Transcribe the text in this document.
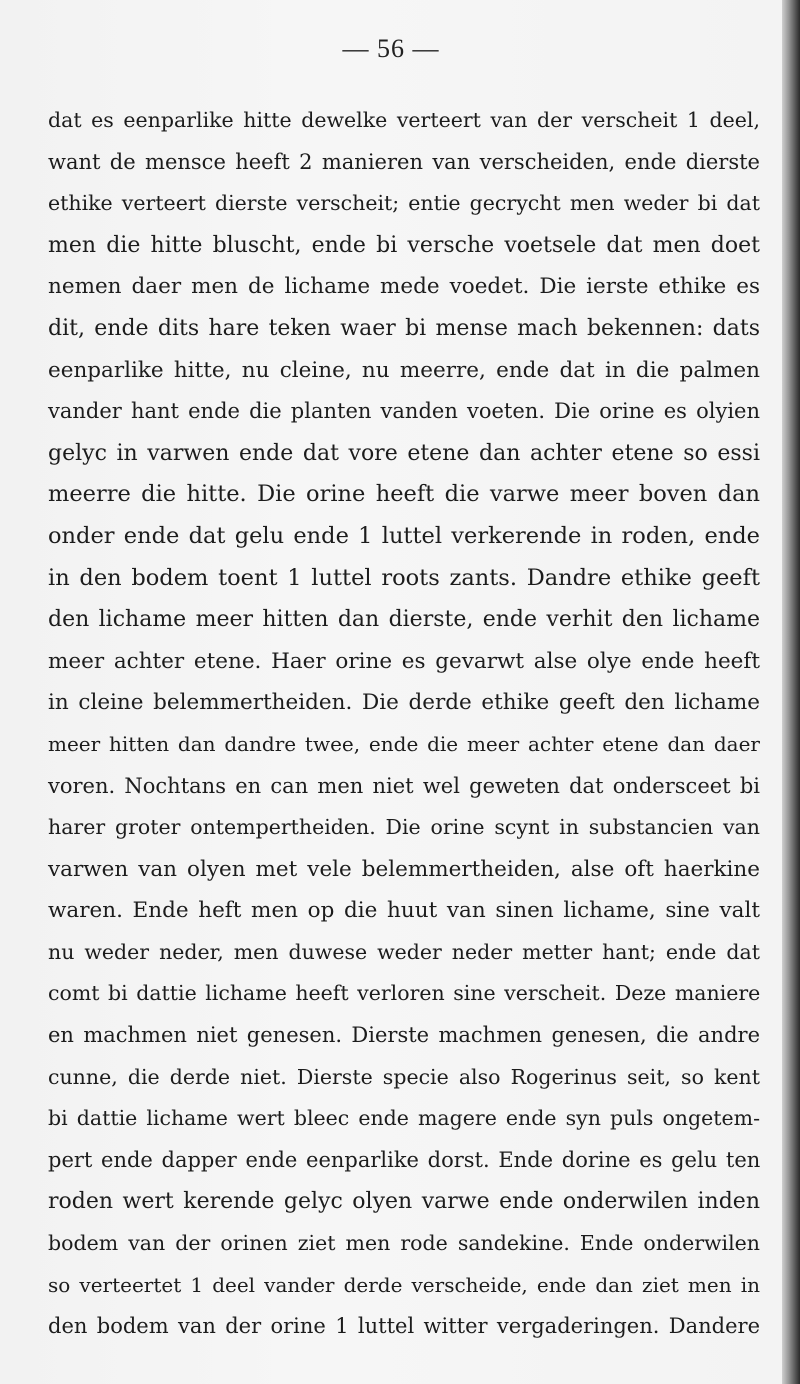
— 56 —
dat es eenparlike hitte dewelke verteert van der verscheit 1 deel,
want de mensce heeft 2 manieren van verscheiden, ende dierste
ethike verteert dierste verscheit; entie gecrycht men weder bi dat
men die hitte bluscht, ende bi versche voetsele dat men doet
nemen daer men de lichame mede voedet. Die ierste ethike es
dit, ende dits hare teken waer bi mense mach bekennen: dats
eenparlike hitte, nu cleine, nu meerre, ende dat in die palmen
vander hant ende die planten vanden voeten. Die orine es olyien
gelyc in varwen ende dat vore etene dan achter etene so essi
meerre die hitte. Die orine heeft die varwe meer boven dan
onder ende dat gelu ende 1 luttel verkerende in roden, ende
in den bodem toent 1 luttel roots zants. Dandre ethike geeft
den lichame meer hitten dan dierste, ende verhit den lichame
meer achter etene. Haer orine es gevarwt alse olye ende heeft
in cleine belemmertheiden. Die derde ethike geeft den lichame
meer hitten dan dandre twee, ende die meer achter etene dan daer
voren. Nochtans en can men niet wel geweten dat ondersceet bi
harer groter ontempertheiden. Die orine scynt in substancien van
varwen van olyen met vele belemmertheiden, alse oft haerkine
waren. Ende heft men op die huut van sinen lichame, sine valt
nu weder neder, men duwese weder neder metter hant; ende dat
comt bi dattie lichame heeft verloren sine verscheit. Deze maniere
en machmen niet genesen. Dierste machmen genesen, die andre
cunne, die derde niet. Dierste specie also Rogerinus seit, so kent
bi dattie lichame wert bleec ende magere ende syn puls ongetem-
pert ende dapper ende eenparlike dorst. Ende dorine es gelu ten
roden wert kerende gelyc olyen varwe ende onderwilen inden
bodem van der orinen ziet men rode sandekine. Ende onderwilen
so verteertet 1 deel vander derde verscheide, ende dan ziet men in
den bodem van der orine 1 luttel witter vergaderingen. Dandere
